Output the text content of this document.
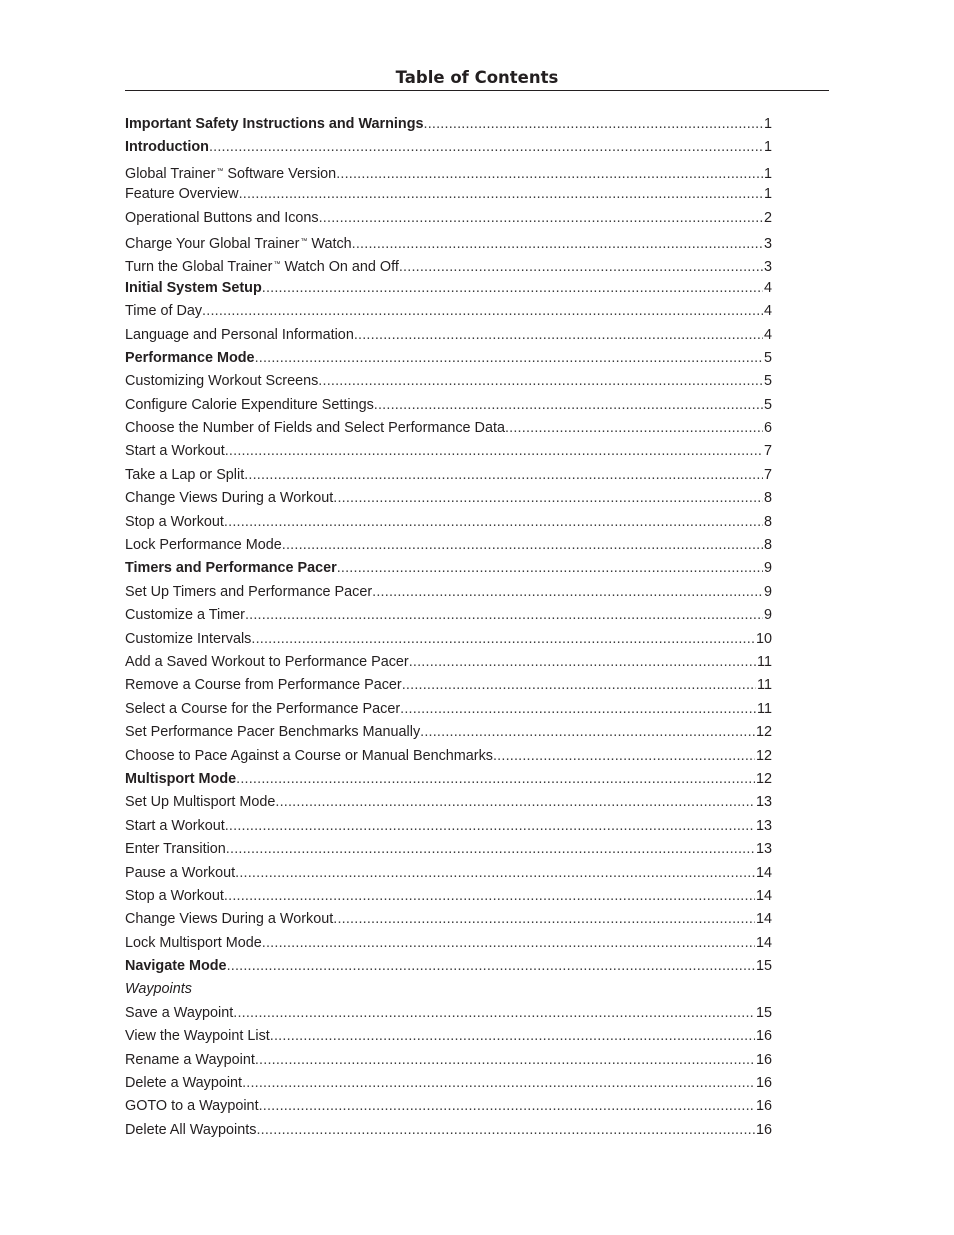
Table of Contents
Important Safety Instructions and Warnings .....	1
Introduction .....	1
Global Trainer™ Software Version .....	1
Feature Overview .....	1
Operational Buttons and Icons .....	2
Charge Your Global Trainer™ Watch .....	3
Turn the Global Trainer™ Watch On and Off .....	3
Initial System Setup .....	4
Time of Day .....	4
Language and Personal Information .....	4
Performance Mode .....	5
Customizing Workout Screens .....	5
Configure Calorie Expenditure Settings .....	5
Choose the Number of Fields and Select Performance Data .....	6
Start a Workout .....	7
Take a Lap or Split .....	7
Change Views During a Workout .....	8
Stop a Workout .....	8
Lock Performance Mode .....	8
Timers and Performance Pacer .....	9
Set Up Timers and Performance Pacer .....	9
Customize a Timer .....	9
Customize Intervals .....	10
Add a Saved Workout to Performance Pacer .....	11
Remove a Course from Performance Pacer .....	11
Select a Course for the Performance Pacer .....	11
Set Performance Pacer Benchmarks Manually .....	12
Choose to Pace Against a Course or Manual Benchmarks .....	12
Multisport Mode .....	12
Set Up Multisport Mode .....	13
Start a Workout .....	13
Enter Transition .....	13
Pause a Workout .....	14
Stop a Workout .....	14
Change Views During a Workout .....	14
Lock Multisport Mode .....	14
Navigate Mode .....	15
Waypoints
Save a Waypoint .....	15
View the Waypoint List .....	16
Rename a Waypoint .....	16
Delete a Waypoint .....	16
GOTO to a Waypoint .....	16
Delete All Waypoints .....	16
